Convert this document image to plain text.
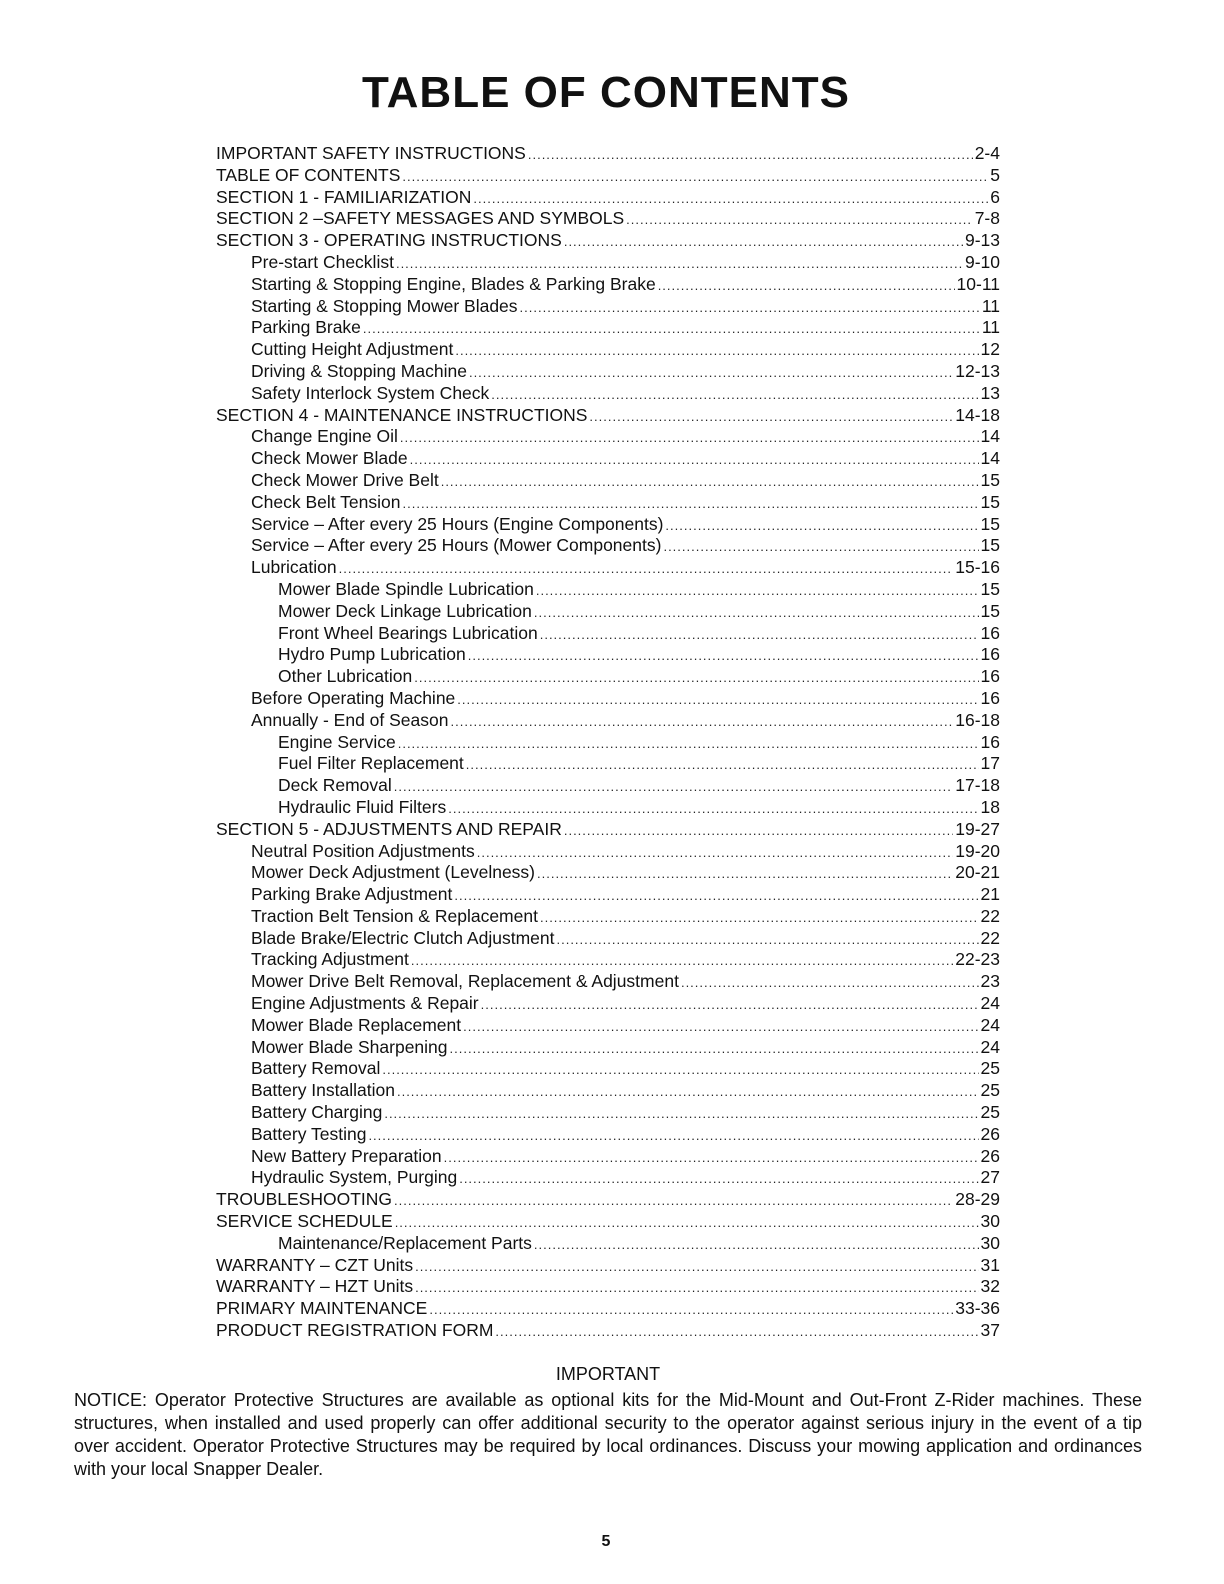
TABLE OF CONTENTS
IMPORTANT SAFETY INSTRUCTIONS .....	2-4
TABLE OF CONTENTS .....	5
SECTION 1 - FAMILIARIZATION .....	6
SECTION 2 –SAFETY MESSAGES AND SYMBOLS .....	7-8
SECTION 3 - OPERATING INSTRUCTIONS .....	9-13
Pre-start Checklist .....	9-10
Starting & Stopping Engine, Blades & Parking Brake .....	10-11
Starting & Stopping Mower Blades .....	11
Parking Brake .....	11
Cutting Height Adjustment .....	12
Driving & Stopping Machine .....	12-13
Safety Interlock System Check .....	13
SECTION 4 - MAINTENANCE INSTRUCTIONS .....	14-18
Change Engine Oil .....	14
Check Mower Blade .....	14
Check Mower Drive Belt .....	15
Check Belt Tension .....	15
Service – After every 25 Hours (Engine Components) .....	15
Service – After every 25 Hours (Mower Components) .....	15
Lubrication .....	15-16
Mower Blade Spindle Lubrication .....	15
Mower Deck Linkage Lubrication .....	15
Front Wheel Bearings Lubrication .....	16
Hydro Pump Lubrication .....	16
Other Lubrication .....	16
Before Operating Machine .....	16
Annually - End of Season .....	16-18
Engine Service .....	16
Fuel Filter Replacement .....	17
Deck Removal .....	17-18
Hydraulic Fluid Filters .....	18
SECTION 5 - ADJUSTMENTS AND REPAIR .....	19-27
Neutral Position Adjustments .....	19-20
Mower Deck Adjustment (Levelness) .....	20-21
Parking Brake Adjustment .....	21
Traction Belt Tension & Replacement .....	22
Blade Brake/Electric Clutch Adjustment .....	22
Tracking Adjustment .....	22-23
Mower Drive Belt Removal, Replacement & Adjustment .....	23
Engine Adjustments & Repair .....	24
Mower Blade Replacement .....	24
Mower Blade Sharpening .....	24
Battery Removal .....	25
Battery Installation .....	25
Battery Charging .....	25
Battery Testing .....	26
New Battery Preparation .....	26
Hydraulic System, Purging .....	27
TROUBLESHOOTING .....	28-29
SERVICE SCHEDULE .....	30
Maintenance/Replacement Parts .....	30
WARRANTY – CZT Units .....	31
WARRANTY – HZT Units .....	32
PRIMARY MAINTENANCE .....	33-36
PRODUCT REGISTRATION FORM .....	37

IMPORTANT

NOTICE: Operator Protective Structures are available as optional kits for the Mid-Mount and Out-Front Z-Rider machines. These structures, when installed and used properly can offer additional security to the operator against serious injury in the event of a tip over accident. Operator Protective Structures may be required by local ordinances. Discuss your mowing application and ordinances with your local Snapper Dealer.

5
